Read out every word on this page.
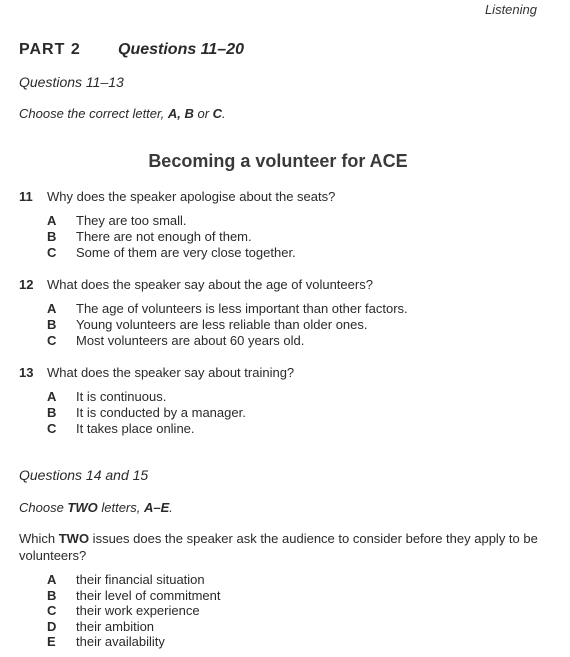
Listening
PART 2 Questions 11–20
Questions 11–13
Choose the correct letter, A, B or C.
Becoming a volunteer for ACE
11 Why does the speaker apologise about the seats?
A	They are too small.
B	There are not enough of them.
C	Some of them are very close together.
12 What does the speaker say about the age of volunteers?
A	The age of volunteers is less important than other factors.
B	Young volunteers are less reliable than older ones.
C	Most volunteers are about 60 years old.
13 What does the speaker say about training?
A	It is continuous.
B	It is conducted by a manager.
C	It takes place online.
Questions 14 and 15
Choose TWO letters, A–E.
Which TWO issues does the speaker ask the audience to consider before they apply to be volunteers?
A	their financial situation
B	their level of commitment
C	their work experience
D	their ambition
E	their availability
